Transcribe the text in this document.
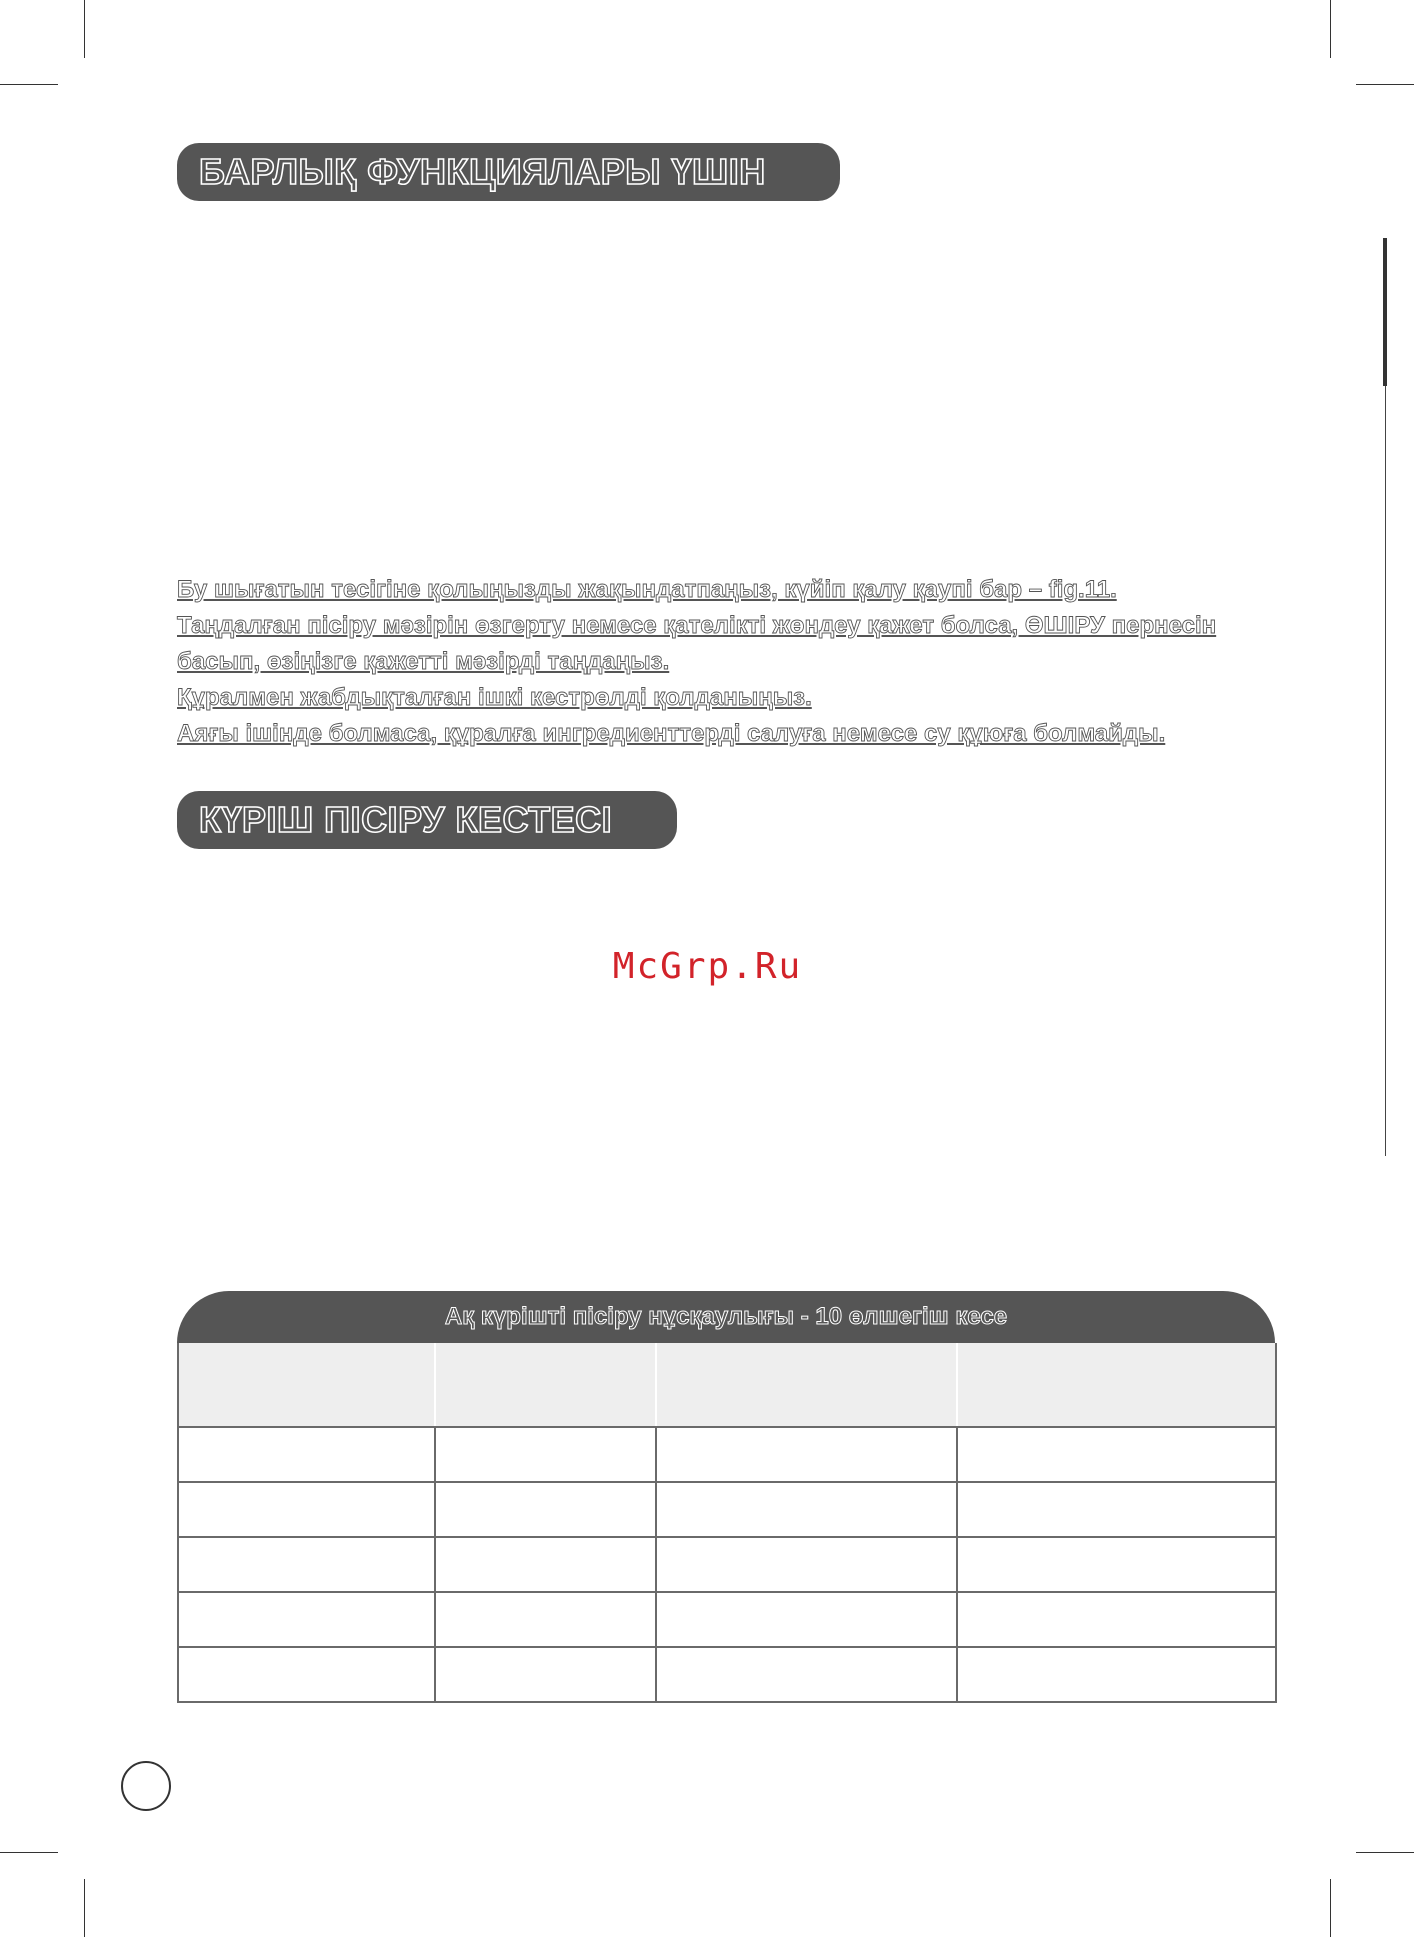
БАРЛЫҚ ФУНКЦИЯЛАРЫ ҮШІН
Бу шығатын тесігіне қолыңызды жақындатпаңыз, күйіп қалу қаупі бар – fig.11.
Таңдалған пісіру мәзірін өзгерту немесе қателікті жөндеу қажет болса, ӨШІРУ пернесін басып, өзіңізге қажетті мәзірді таңдаңыз.
Құралмен жабдықталған ішкі кестрөлді қолданыңыз.
Аяғы ішінде болмаса, құралға ингредиенттерді салуға немесе су құюға болмайды.
КҮРІШ ПІСІРУ КЕСТЕСІ
McGrp.Ru
Ақ күрішті пісіру нұсқаулығы - 10 өлшегіш кесе
